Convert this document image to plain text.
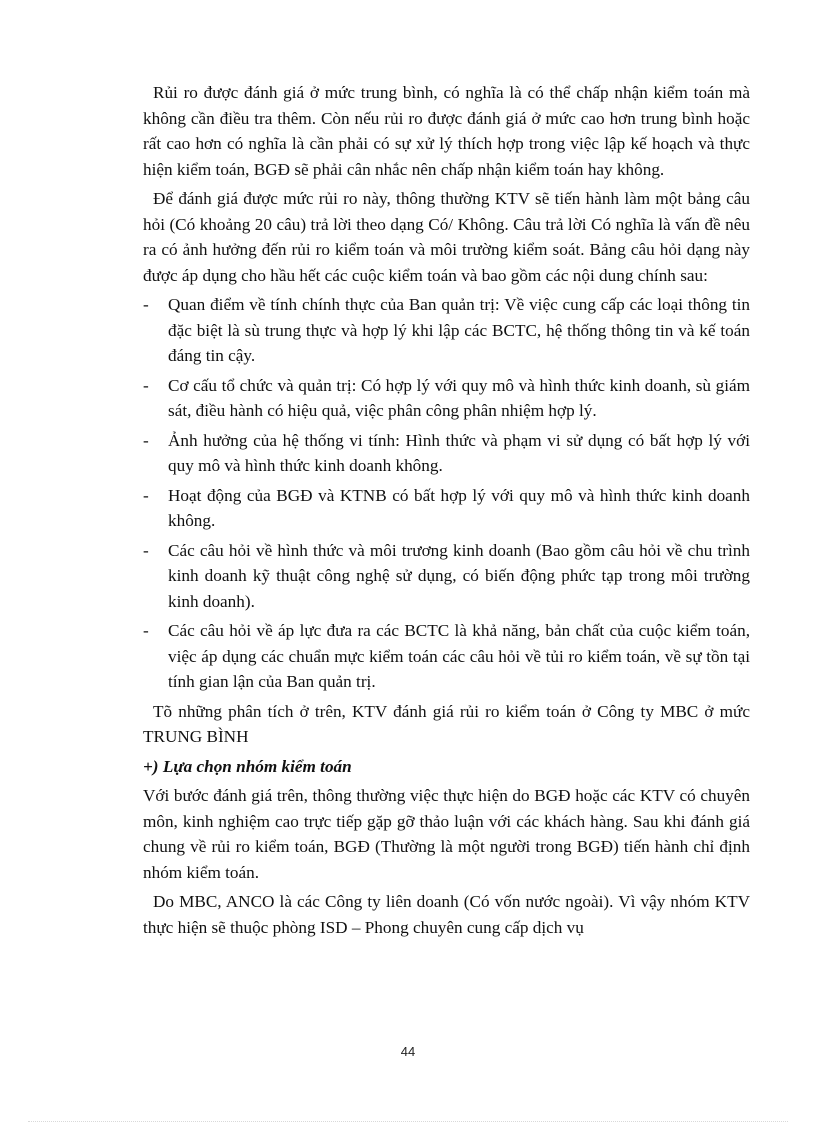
Rủi ro được đánh giá ở mức trung bình, có nghĩa là có thể chấp nhận kiểm toán mà không cần điều tra thêm. Còn nếu rủi ro được đánh giá ở mức cao hơn trung bình hoặc rất cao hơn có nghĩa là cần phải có sự xử lý thích hợp trong việc lập kế hoạch và thực hiện kiểm toán, BGĐ sẽ phải cân nhắc nên chấp nhận kiểm toán hay không.

Để đánh giá được mức rủi ro này, thông thường KTV sẽ tiến hành làm một bảng câu hỏi (Có khoảng 20 câu) trả lời theo dạng Có/ Không. Câu trả lời Có nghĩa là vấn đề nêu ra có ảnh hưởng đến rủi ro kiểm toán và môi trường kiểm soát. Bảng câu hỏi dạng này được áp dụng cho hầu hết các cuộc kiểm toán và bao gồm các nội dung chính sau:

- Quan điểm về tính chính thực của Ban quản trị: Về việc cung cấp các loại thông tin đặc biệt là sù trung thực và hợp lý khi lập các BCTC, hệ thống thông tin và kế toán đáng tin cậy.
- Cơ cấu tổ chức và quản trị: Có hợp lý với quy mô và hình thức kinh doanh, sù giám sát, điều hành có hiệu quả, việc phân công phân nhiệm hợp lý.
- Ảnh hưởng của hệ thống vi tính: Hình thức và phạm vi sử dụng có bất hợp lý với quy mô và hình thức kinh doanh không.
- Hoạt động của BGĐ và KTNB có bất hợp lý với quy mô và hình thức kinh doanh không.
- Các câu hỏi về hình thức và môi trương kinh doanh (Bao gồm câu hỏi về chu trình kinh doanh kỹ thuật công nghệ sử dụng, có biến động phức tạp trong môi trường kinh doanh).
- Các câu hỏi về áp lực đưa ra các BCTC là khả năng, bản chất của cuộc kiểm toán, việc áp dụng các chuẩn mực kiểm toán các câu hỏi về tủi ro kiểm toán, về sự tồn tại tính gian lận của Ban quản trị.

Tõ những phân tích ở trên, KTV đánh giá rủi ro kiểm toán ở Công ty MBC ở mức TRUNG BÌNH

+) Lựa chọn nhóm kiểm toán

Với bước đánh giá trên, thông thường việc thực hiện do BGĐ hoặc các KTV có chuyên môn, kinh nghiệm cao trực tiếp gặp gỡ thảo luận với các khách hàng. Sau khi đánh giá chung về rủi ro kiểm toán, BGĐ (Thường là một người trong BGĐ) tiến hành chỉ định nhóm kiểm toán.

Do MBC, ANCO là các Công ty liên doanh (Có vốn nước ngoài). Vì vậy nhóm KTV thực hiện sẽ thuộc phòng ISD – Phong chuyên cung cấp dịch vụ

44
